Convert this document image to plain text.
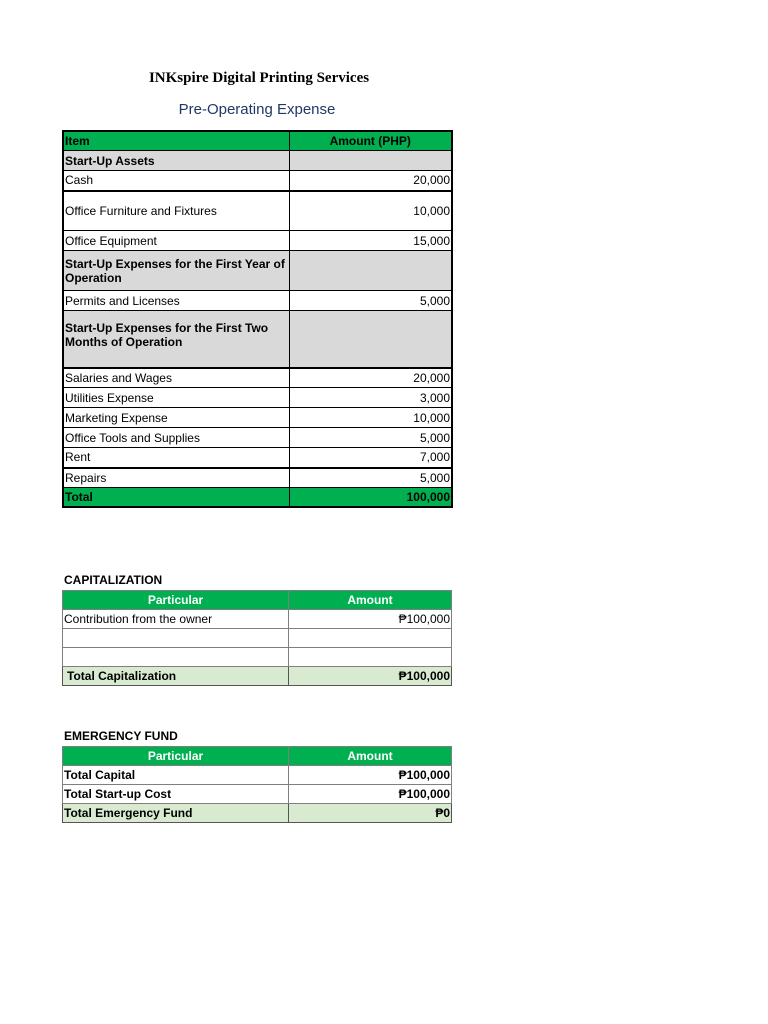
INKspire Digital Printing Services
Pre-Operating Expense
Item	Amount (PHP)
Start-Up Assets	
Cash	20,000
Office Furniture and Fixtures	10,000
Office Equipment	15,000
Start-Up Expenses for the First Year of Operation	
Permits and Licenses	5,000
Start-Up Expenses for the First Two Months of Operation	
Salaries and Wages	20,000
Utilities Expense	3,000
Marketing Expense	10,000
Office Tools and Supplies	5,000
Rent	7,000
Repairs	5,000
Total	100,000
CAPITALIZATION
Particular	Amount
Contribution from the owner	₱100,000

Total Capitalization	₱100,000
EMERGENCY FUND
Particular	Amount
Total Capital	₱100,000
Total Start-up Cost	₱100,000
Total Emergency Fund	₱0
